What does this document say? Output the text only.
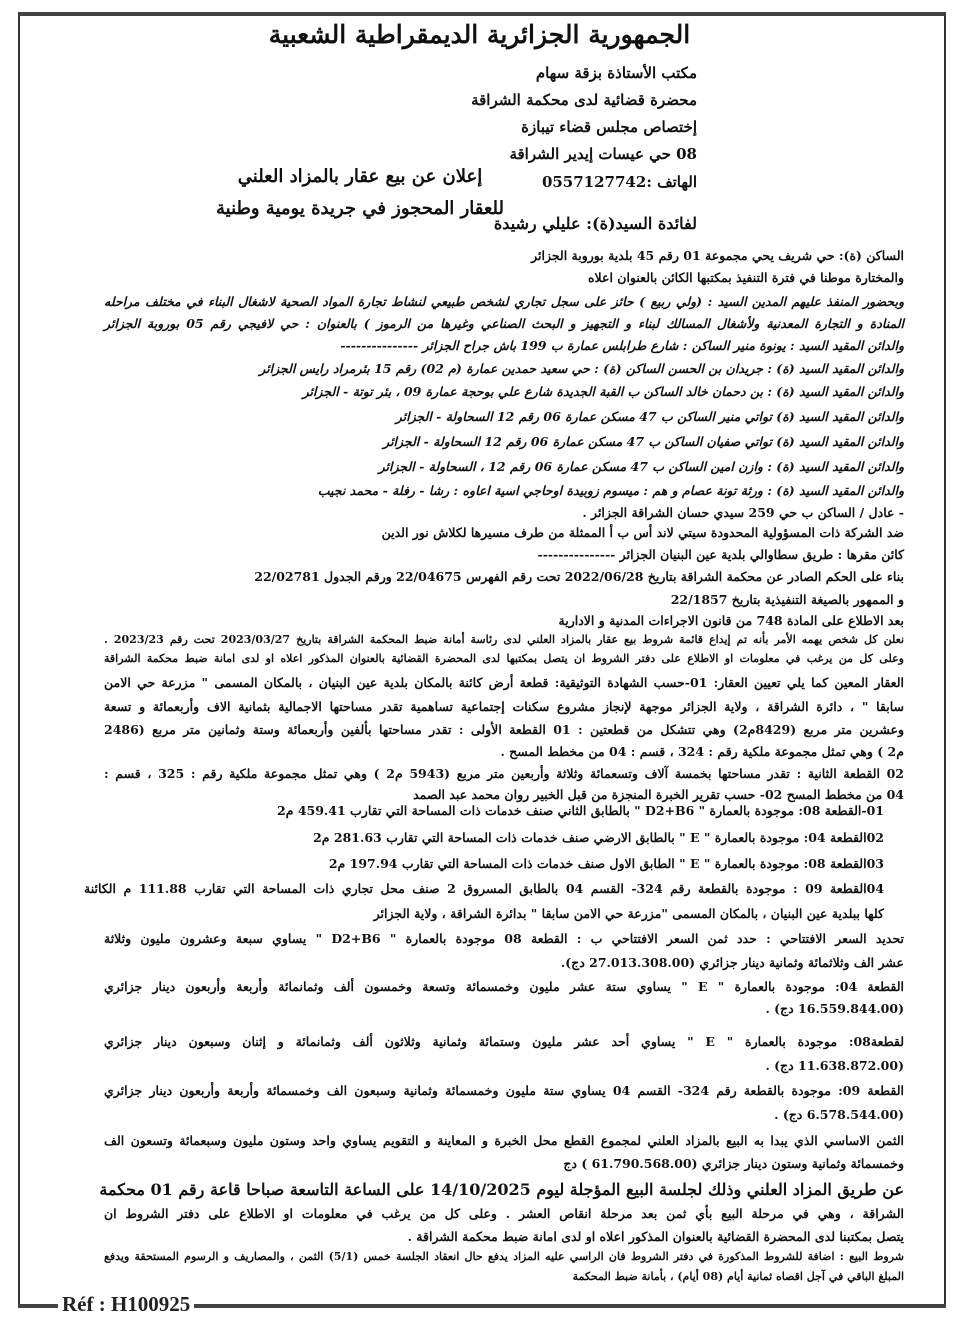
Réf : H100925
الجمهورية الجزائرية الديمقراطية الشعبية
مكتب الأستاذة بزقة سهام
محضرة قضائية لدى محكمة الشراقة
إختصاص مجلس قضاء تيبازة
08 حي عيسات إيدير الشراقة
الهاتف :0557127742
إعلان عن بيع عقار بالمزاد العلني
للعقار المحجوز في جريدة يومية وطنية
لفائدة السيد(ة): عليلي رشيدة
الساكن (ة): حي شريف يحي مجموعة 01 رقم 45 بلدية بوروبة الجزائر
والمختارة موطنا في فترة التنفيذ بمكتبها الكائن بالعنوان اعلاه
وبحضور المنفذ عليهم المدين السيد : (ولي ربيع ) حائز على سجل تجاري لشخص طبيعي لنشاط تجارة المواد الصحية لاشغال البناء في مختلف مراحله
المنادة و التجارة المعدنية ولأشغال المسالك لبناء و التجهيز و البحث الصناعي وغيرها من الرموز ) بالعنوان : حي لافيجي رقم 05 بوروبة الجزائر
والدائن المقيد السيد : يونوة منير الساكن : شارع طرابلس عمارة ب 199 باش جراح الجزائر ---------------
والدائن المقيد السيد (ة) : جريدان بن الحسن الساكن (ة) : حي سعيد حمدين عمارة (م 02) رقم 15 بئرمراد رايس الجزائر
والدائن المقيد السيد (ة) : بن دحمان خالد الساكن ب القبة الجديدة شارع علي بوحجة عمارة 09 ، بئر توتة - الجزائر
والدائن المقيد السيد (ة) تواتي منير الساكن ب 47 مسكن عمارة 06 رقم 12 السحاولة - الجزائر
والدائن المقيد السيد (ة) تواتي صفيان الساكن ب 47 مسكن عمارة 06 رقم 12 السحاولة - الجزائر
والدائن المقيد السيد (ة) : وازن امين الساكن ب 47 مسكن عمارة 06 رقم 12 ، السحاولة - الجزائر
والدائن المقيد السيد (ة) : ورثة تونة عصام و هم : ميسوم زوبيدة اوحاجي اسية اعاوه : رشا - رفلة - محمد نجيب
- عادل / الساكن ب حي 259 سيدي حسان الشراقة الجزائر .
ضد الشركة ذات المسؤولية المحدودة سيتي لاند أس ب أ الممثلة من طرف مسيرها لكلاش نور الدين
كائن مقرها : طريق سطاوالي بلدية عين البنيان الجزائر ---------------
بناء على الحكم الصادر عن محكمة الشراقة بتاريخ 2022/06/28 تحت رقم الفهرس 22/04675 ورقم الجدول 22/02781
و الممهور بالصيغة التنفيذية بتاريخ 22/1857
بعد الاطلاع على المادة 748 من قانون الاجراءات المدنية و الادارية
نعلن كل شخص يهمه الأمر بأنه تم إيداع قائمة شروط بيع عقار بالمزاد العلني لدى رئاسة أمانة ضبط المحكمة الشراقة بتاريخ 2023/03/27 تحت رقم 2023/23 .
وعلى كل من يرغب في معلومات او الاطلاع على دفتر الشروط ان يتصل بمكتبها لدى المحضرة القضائية بالعنوان المذكور اعلاه او لدى امانة ضبط محكمة الشراقة
العقار المعين كما يلي تعيين العقار: 01-حسب الشهادة التوثيقية: قطعة أرض كائنة بالمكان بلدية عين البنيان ، بالمكان المسمى " مزرعة حي الامن
سابقا " ، دائرة الشراقة ، ولاية الجزائر موجهة لإنجاز مشروع سكنات إجتماعية تساهمية تقدر مساحتها الاجمالية بثمانية الاف وأربعمائة و تسعة
وعشرين متر مربع (8429م2) وهي تتشكل من قطعتين : 01 القطعة الأولى : تقدر مساحتها بألفين وأربعمائة وستة وثمانين متر مربع (2486
م2 ) وهي تمثل مجموعة ملكية رقم : 324 ، قسم : 04 من مخطط المسح .
02 القطعة الثانية : تقدر مساحتها بخمسة آلاف وتسعمائة وثلاثة وأربعين متر مربع (5943 م2 ) وهي تمثل مجموعة ملكية رقم : 325 ، قسم :
04 من مخطط المسح 02- حسب تقرير الخبرة المنجزة من قبل الخبير روان محمد عبد الصمد
01-القطعة 08: موجودة بالعمارة " D2+B6 " بالطابق الثاني صنف خدمات ذات المساحة التي تقارب 459.41 م2
02القطعة 04: موجودة بالعمارة " E " بالطابق الارضي صنف خدمات ذات المساحة التي تقارب 281.63 م2
03القطعة 08: موجودة بالعمارة " E " الطابق الاول صنف خدمات ذات المساحة التي تقارب 197.94 م2
04القطعة 09 : موجودة بالقطعة رقم 324- القسم 04 بالطابق المسروق 2 صنف محل تجاري ذات المساحة التي تقارب 111.88 م الكائنة
كلها ببلدية عين البنيان ، بالمكان المسمى "مزرعة حي الامن سابقا " بدائرة الشراقة ، ولاية الجزائر
تحديد السعر الافتتاحي : حدد ثمن السعر الافتتاحي ب : القطعة 08 موجودة بالعمارة " D2+B6 " يساوي سبعة وعشرون مليون وثلاثة
عشر الف وثلاثمائة وثمانية دينار جزائري (27.013.308.00 دج).
القطعة 04: موجودة بالعمارة " E " يساوي ستة عشر مليون وخمسمائة وتسعة وخمسون ألف وثمانمائة وأربعة وأربعون دينار جزائري
(16.559.844.00 دج) .
لقطعة08: موجودة بالعمارة " E " يساوي أحد عشر مليون وستمائة وثمانية وثلاثون ألف وثمانمائة و إثنان وسبعون دينار جزائري
(11.638.872.00 دج) .
القطعة 09: موجودة بالقطعة رقم 324- القسم 04 يساوي ستة مليون وخمسمائة وثمانية وسبعون الف وخمسمائة وأربعة وأربعون دينار جزائري
(6.578.544.00 دج) .
الثمن الاساسي الذي يبدا به البيع بالمزاد العلني لمجموع القطع محل الخبرة و المعاينة و التقويم يساوي واحد وستون مليون وسبعمائة وتسعون الف
وخمسمائة وثمانية وستون دينار جزائري (61.790.568.00 ) دج
عن طريق المزاد العلني وذلك لجلسة البيع المؤجلة ليوم 14/10/2025 على الساعة التاسعة صباحا قاعة رقم 01 محكمة
الشراقة ، وهي في مرحلة البيع بأي ثمن بعد مرحلة انقاص العشر . وعلى كل من يرغب في معلومات او الاطلاع على دفتر الشروط ان
يتصل بمكتبنا لدى المحضرة القضائية بالعنوان المذكور اعلاه او لدى امانة ضبط محكمة الشراقة .
شروط البيع : اضافة للشروط المذكورة في دفتر الشروط فان الراسي عليه المزاد يدفع حال انعقاد الجلسة خمس (5/1) الثمن ، والمصاريف و الرسوم المستحقة ويدفع
المبلغ الباقي في آجل اقصاه ثمانية أيام (08 أيام) ، بأمانة ضبط المحكمة
